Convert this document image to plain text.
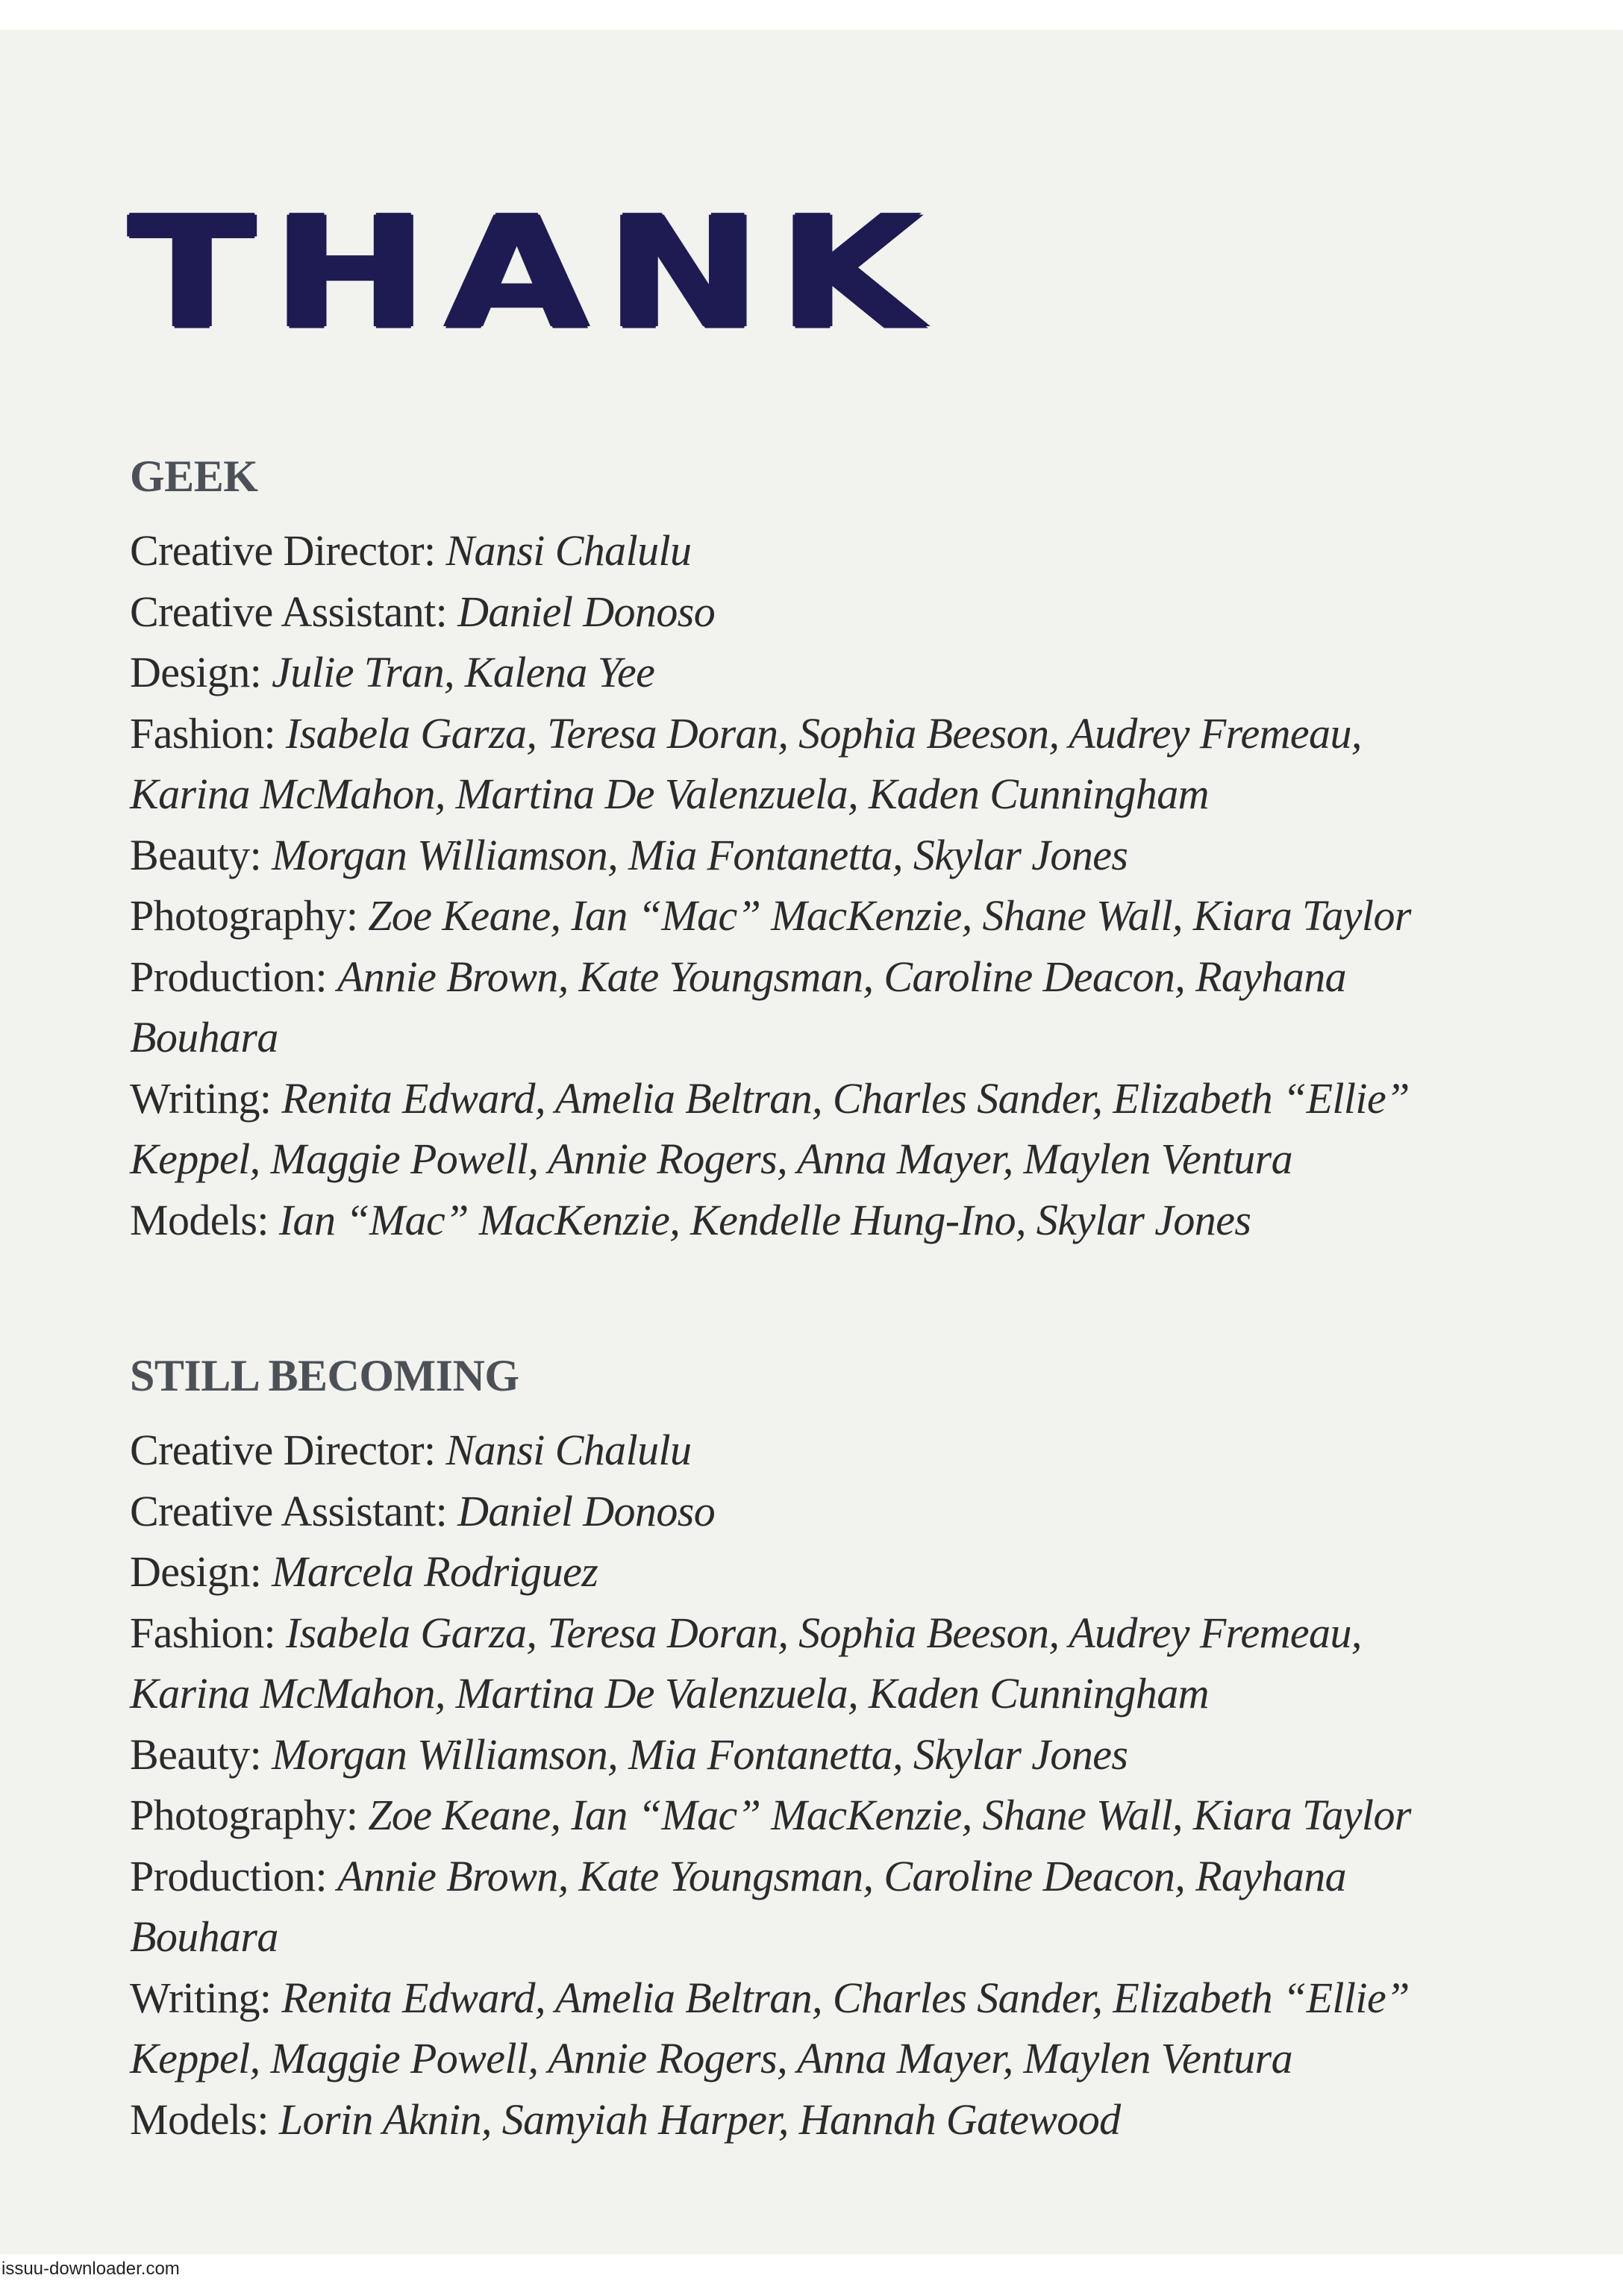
THANK
GEEK
Creative Director: Nansi Chalulu
Creative Assistant: Daniel Donoso
Design: Julie Tran, Kalena Yee
Fashion: Isabela Garza, Teresa Doran, Sophia Beeson, Audrey Fremeau, Karina McMahon, Martina De Valenzuela, Kaden Cunningham
Beauty: Morgan Williamson, Mia Fontanetta, Skylar Jones
Photography: Zoe Keane, Ian “Mac” MacKenzie, Shane Wall, Kiara Taylor
Production: Annie Brown, Kate Youngsman, Caroline Deacon, Rayhana Bouhara
Writing: Renita Edward, Amelia Beltran, Charles Sander, Elizabeth “Ellie” Keppel, Maggie Powell, Annie Rogers, Anna Mayer, Maylen Ventura
Models: Ian “Mac” MacKenzie, Kendelle Hung-Ino, Skylar Jones
STILL BECOMING
Creative Director: Nansi Chalulu
Creative Assistant: Daniel Donoso
Design: Marcela Rodriguez
Fashion: Isabela Garza, Teresa Doran, Sophia Beeson, Audrey Fremeau, Karina McMahon, Martina De Valenzuela, Kaden Cunningham
Beauty: Morgan Williamson, Mia Fontanetta, Skylar Jones
Photography: Zoe Keane, Ian “Mac” MacKenzie, Shane Wall, Kiara Taylor
Production: Annie Brown, Kate Youngsman, Caroline Deacon, Rayhana Bouhara
Writing: Renita Edward, Amelia Beltran, Charles Sander, Elizabeth “Ellie” Keppel, Maggie Powell, Annie Rogers, Anna Mayer, Maylen Ventura
Models: Lorin Aknin, Samyiah Harper, Hannah Gatewood
issuu-downloader.com
